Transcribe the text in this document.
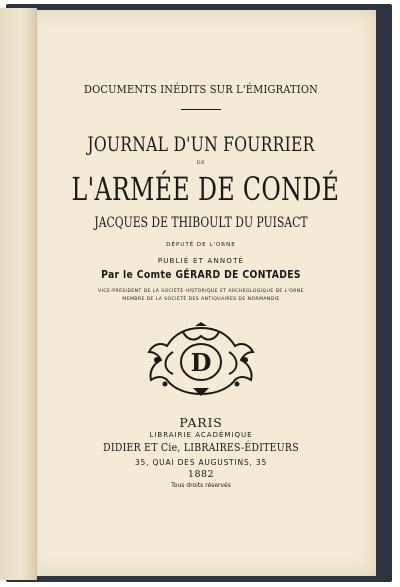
DOCUMENTS INÉDITS SUR L'ÉMIGRATION
JOURNAL D'UN FOURRIER
DE
L'ARMÉE DE CONDÉ
JACQUES DE THIBOULT DU PUISACT
DÉPUTÉ DE L'ORNE
PUBLIÉ ET ANNOTÉ
Par le Comte GÉRARD DE CONTADES
VICE-PRÉSIDENT DE LA SOCIÉTÉ HISTORIQUE ET ARCHÉOLOGIQUE DE L'ORNE
MEMBRE DE LA SOCIÉTÉ DES ANTIQUAIRES DE NORMANDIE
D
PARIS
LIBRAIRIE ACADÉMIQUE
DIDIER ET Cie, LIBRAIRES-ÉDITEURS
35, QUAI DES AUGUSTINS, 35
1882
Tous droits réservés
